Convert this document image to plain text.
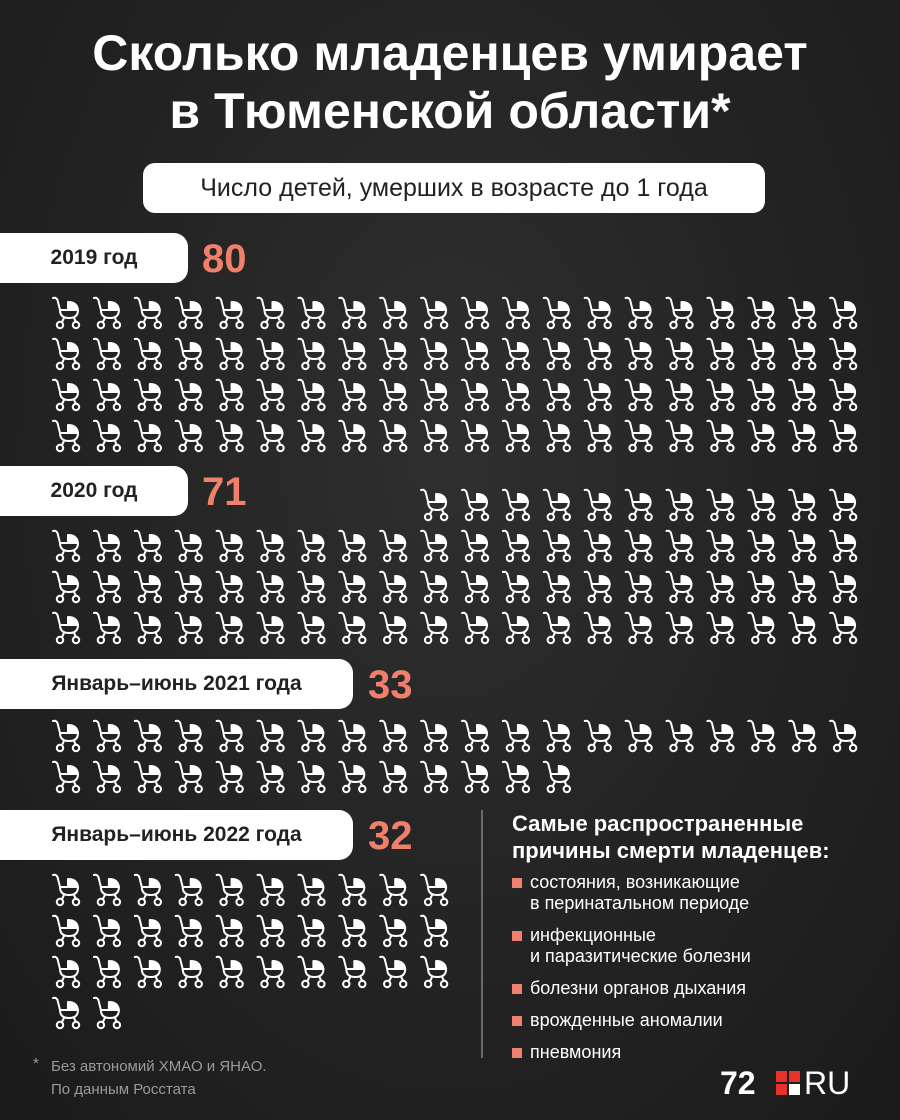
Сколько младенцев умирает
в Тюменской области*
Число детей, умерших в возрасте до 1 года
2019 год	80
2020 год	71
Январь–июнь 2021 года	33
Январь–июнь 2022 года	32	Самые распространенные
причины смерти младенцев:
состояния, возникающие
в перинатальном периоде
инфекционные
и паразитические болезни
болезни органов дыхания
врожденные аномалии
пневмония
* Без автономий ХМАО и ЯНАО.
По данным Росстата	72 RU
